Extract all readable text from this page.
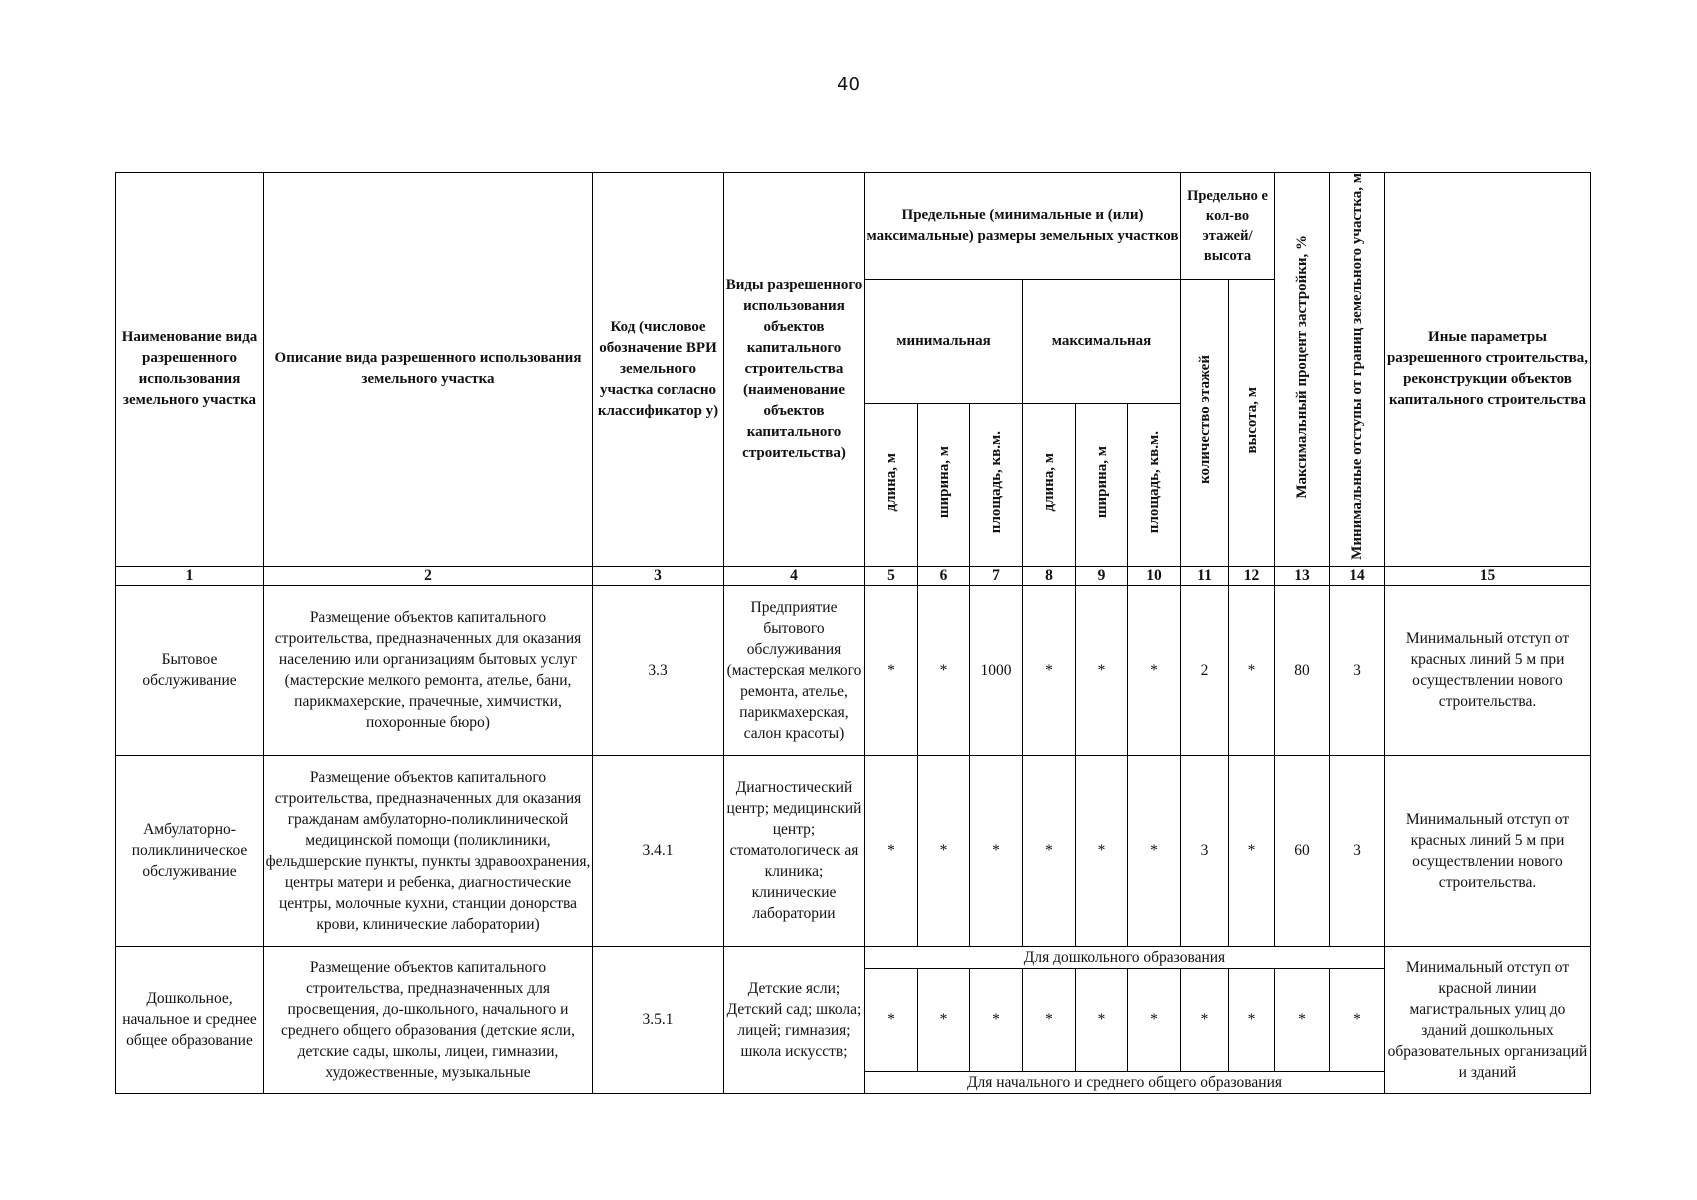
40
Наименование вида разрешенного использования земельного участка	Описание вида разрешенного использования земельного участка	Код (числовое обозначение ВРИ земельного участка согласно классификатор у)	Виды разрешенного использования объектов капитального строительства (наименование объектов капитального строительства)	Предельные (минимальные и (или) максимальные) размеры земельных участков						Предельно е кол-во этажей/ высота		Максимальный процент застройки, %	Минимальные отступы от границ земельного участка, м	Иные параметры разрешенного строительства, реконструкции объектов капитального строительства
				минимальная			максимальная			количество этажей	высота, м			
				длина, м	ширина, м	площадь, кв.м.	длина, м	ширина, м	площадь, кв.м.					
1	2	3	4	5	6	7	8	9	10	11	12	13	14	15
Бытовое обслуживание	Размещение объектов капитального строительства, предназначенных для оказания населению или организациям бытовых услуг (мастерские мелкого ремонта, ателье, бани, парикмахерские, прачечные, химчистки, похоронные бюро)	3.3	Предприятие бытового обслуживания (мастерская мелкого ремонта, ателье, парикмахерская, салон красоты)	*	*	1000	*	*	*	2	*	80	3	Минимальный отступ от красных линий 5 м при осуществлении нового строительства.
Амбулаторно-поликлиническое обслуживание	Размещение объектов капитального строительства, предназначенных для оказания гражданам амбулаторно-поликлинической медицинской помощи (поликлиники, фельдшерские пункты, пункты здравоохранения, центры матери и ребенка, диагностические центры, молочные кухни, станции донорства крови, клинические лаборатории)	3.4.1	Диагностический центр; медицинский центр; стоматологическ ая клиника; клинические лаборатории	*	*	*	*	*	*	3	*	60	3	Минимальный отступ от красных линий 5 м при осуществлении нового строительства.
Дошкольное, начальное и среднее общее образование	Размещение объектов капитального строительства, предназначенных для просвещения, до-школьного, начального и среднего общего образования (детские ясли, детские сады, школы, лицеи, гимназии, художественные, музыкальные	3.5.1	Детские ясли; Детский сад; школа; лицей; гимназия; школа искусств;	Для дошкольного образования										Минимальный отступ от красной линии магистральных улиц до зданий дошкольных образовательных организаций и зданий
				*	*	*	*	*	*	*	*	*	*	
				Для начального и среднего общего образования										
